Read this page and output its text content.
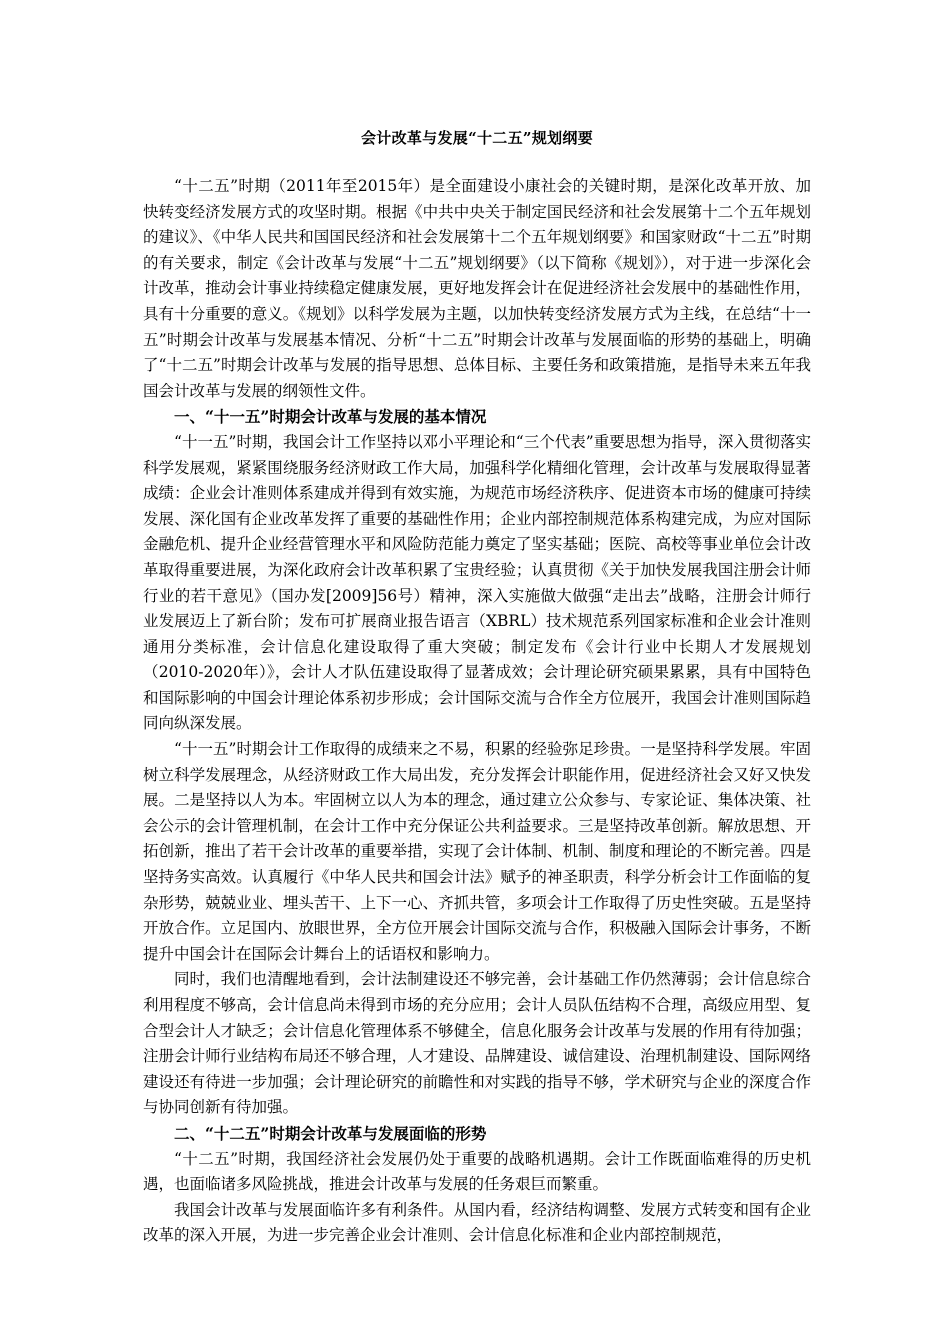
会计改革与发展“十二五”规划纲要

“十二五”时期（2011年至2015年）是全面建设小康社会的关键时期，是深化改革开放、加快转变经济发展方式的攻坚时期。根据《中共中央关于制定国民经济和社会发展第十二个五年规划的建议》、《中华人民共和国国民经济和社会发展第十二个五年规划纲要》和国家财政“十二五”时期的有关要求，制定《会计改革与发展“十二五”规划纲要》（以下简称《规划》），对于进一步深化会计改革，推动会计事业持续稳定健康发展，更好地发挥会计在促进经济社会发展中的基础性作用，具有十分重要的意义。《规划》以科学发展为主题，以加快转变经济发展方式为主线，在总结“十一五”时期会计改革与发展基本情况、分析“十二五”时期会计改革与发展面临的形势的基础上，明确了“十二五”时期会计改革与发展的指导思想、总体目标、主要任务和政策措施，是指导未来五年我国会计改革与发展的纲领性文件。

一、“十一五”时期会计改革与发展的基本情况

“十一五”时期，我国会计工作坚持以邓小平理论和“三个代表”重要思想为指导，深入贯彻落实科学发展观，紧紧围绕服务经济财政工作大局，加强科学化精细化管理，会计改革与发展取得显著成绩：企业会计准则体系建成并得到有效实施，为规范市场经济秩序、促进资本市场的健康可持续发展、深化国有企业改革发挥了重要的基础性作用；企业内部控制规范体系构建完成，为应对国际金融危机、提升企业经营管理水平和风险防范能力奠定了坚实基础；医院、高校等事业单位会计改革取得重要进展，为深化政府会计改革积累了宝贵经验；认真贯彻《关于加快发展我国注册会计师行业的若干意见》（国办发[2009]56号）精神，深入实施做大做强“走出去”战略，注册会计师行业发展迈上了新台阶；发布可扩展商业报告语言（XBRL）技术规范系列国家标准和企业会计准则通用分类标准，会计信息化建设取得了重大突破；制定发布《会计行业中长期人才发展规划（2010-2020年）》，会计人才队伍建设取得了显著成效；会计理论研究硕果累累，具有中国特色和国际影响的中国会计理论体系初步形成；会计国际交流与合作全方位展开，我国会计准则国际趋同向纵深发展。

“十一五”时期会计工作取得的成绩来之不易，积累的经验弥足珍贵。一是坚持科学发展。牢固树立科学发展理念，从经济财政工作大局出发，充分发挥会计职能作用，促进经济社会又好又快发展。二是坚持以人为本。牢固树立以人为本的理念，通过建立公众参与、专家论证、集体决策、社会公示的会计管理机制，在会计工作中充分保证公共利益要求。三是坚持改革创新。解放思想、开拓创新，推出了若干会计改革的重要举措，实现了会计体制、机制、制度和理论的不断完善。四是坚持务实高效。认真履行《中华人民共和国会计法》赋予的神圣职责，科学分析会计工作面临的复杂形势，兢兢业业、埋头苦干、上下一心、齐抓共管，多项会计工作取得了历史性突破。五是坚持开放合作。立足国内、放眼世界，全方位开展会计国际交流与合作，积极融入国际会计事务，不断提升中国会计在国际会计舞台上的话语权和影响力。

同时，我们也清醒地看到，会计法制建设还不够完善，会计基础工作仍然薄弱；会计信息综合利用程度不够高，会计信息尚未得到市场的充分应用；会计人员队伍结构不合理，高级应用型、复合型会计人才缺乏；会计信息化管理体系不够健全，信息化服务会计改革与发展的作用有待加强；注册会计师行业结构布局还不够合理，人才建设、品牌建设、诚信建设、治理机制建设、国际网络建设还有待进一步加强；会计理论研究的前瞻性和对实践的指导不够，学术研究与企业的深度合作与协同创新有待加强。

二、“十二五”时期会计改革与发展面临的形势

“十二五”时期，我国经济社会发展仍处于重要的战略机遇期。会计工作既面临难得的历史机遇，也面临诸多风险挑战，推进会计改革与发展的任务艰巨而繁重。

我国会计改革与发展面临许多有利条件。从国内看，经济结构调整、发展方式转变和国有企业改革的深入开展，为进一步完善企业会计准则、会计信息化标准和企业内部控制规范，
